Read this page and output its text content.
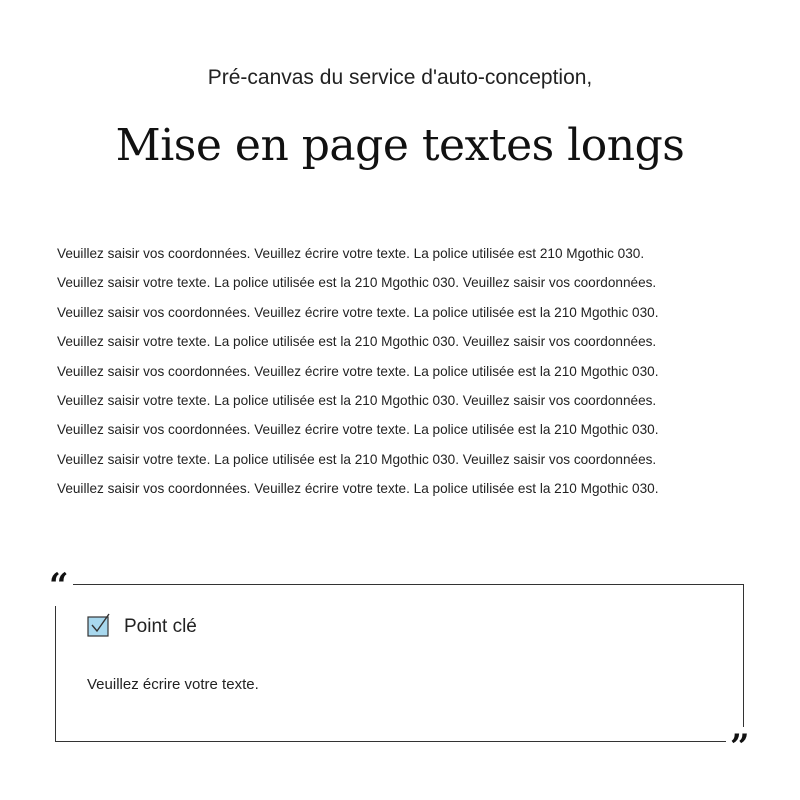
Pré-canvas du service d'auto-conception,
Mise en page textes longs
Veuillez saisir vos coordonnées. Veuillez écrire votre texte. La police utilisée est 210 Mgothic 030.
Veuillez saisir votre texte. La police utilisée est la 210 Mgothic 030. Veuillez saisir vos coordonnées.
Veuillez saisir vos coordonnées. Veuillez écrire votre texte. La police utilisée est la 210 Mgothic 030.
Veuillez saisir votre texte. La police utilisée est la 210 Mgothic 030. Veuillez saisir vos coordonnées.
Veuillez saisir vos coordonnées. Veuillez écrire votre texte. La police utilisée est la 210 Mgothic 030.
Veuillez saisir votre texte. La police utilisée est la 210 Mgothic 030. Veuillez saisir vos coordonnées.
Veuillez saisir vos coordonnées. Veuillez écrire votre texte. La police utilisée est la 210 Mgothic 030.
Veuillez saisir votre texte. La police utilisée est la 210 Mgothic 030. Veuillez saisir vos coordonnées.
Veuillez saisir vos coordonnées. Veuillez écrire votre texte. La police utilisée est la 210 Mgothic 030.
“
”
Point clé
Veuillez écrire votre texte.
